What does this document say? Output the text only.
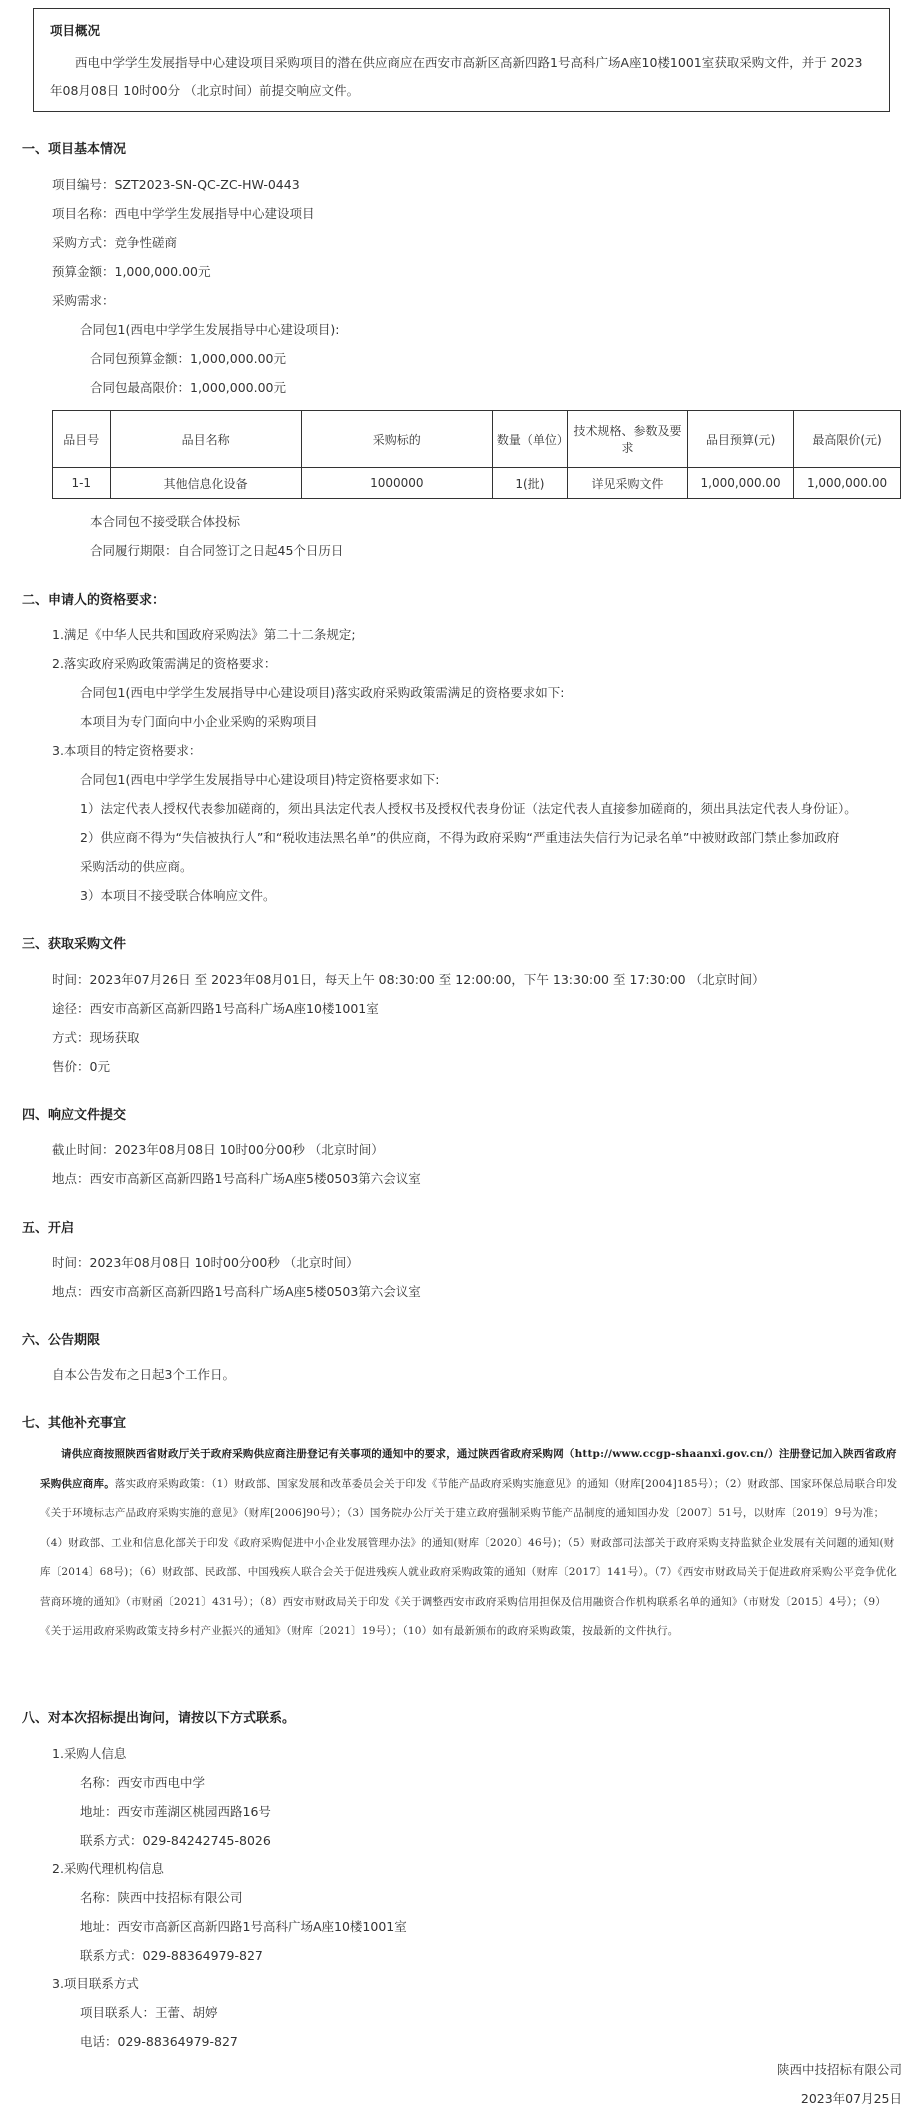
项目概况
西电中学学生发展指导中心建设项目采购项目的潜在供应商应在西安市高新区高新四路1号高科广场A座10楼1001室获取采购文件，并于 2023年08月08日 10时00分 （北京时间）前提交响应文件。
一、项目基本情况
项目编号：SZT2023-SN-QC-ZC-HW-0443
项目名称：西电中学学生发展指导中心建设项目
采购方式：竞争性磋商
预算金额：1,000,000.00元
采购需求：
合同包1(西电中学学生发展指导中心建设项目):
合同包预算金额：1,000,000.00元
合同包最高限价：1,000,000.00元
品目号	品目名称	采购标的	数量（单位）	技术规格、参数及要求	品目预算(元)	最高限价(元)
1-1	其他信息化设备	1000000	1(批)	详见采购文件	1,000,000.00	1,000,000.00
本合同包不接受联合体投标
合同履行期限：自合同签订之日起45个日历日
二、申请人的资格要求：
1.满足《中华人民共和国政府采购法》第二十二条规定;
2.落实政府采购政策需满足的资格要求：
合同包1(西电中学学生发展指导中心建设项目)落实政府采购政策需满足的资格要求如下:
本项目为专门面向中小企业采购的采购项目
3.本项目的特定资格要求：
合同包1(西电中学学生发展指导中心建设项目)特定资格要求如下:
1）法定代表人授权代表参加磋商的，须出具法定代表人授权书及授权代表身份证（法定代表人直接参加磋商的，须出具法定代表人身份证）。
2）供应商不得为“失信被执行人”和“税收违法黑名单”的供应商，不得为政府采购“严重违法失信行为记录名单”中被财政部门禁止参加政府
采购活动的供应商。
3）本项目不接受联合体响应文件。
三、获取采购文件
时间：2023年07月26日 至 2023年08月01日，每天上午 08:30:00 至 12:00:00，下午 13:30:00 至 17:30:00 （北京时间）
途径：西安市高新区高新四路1号高科广场A座10楼1001室
方式：现场获取
售价：0元
四、响应文件提交
截止时间：2023年08月08日 10时00分00秒 （北京时间）
地点：西安市高新区高新四路1号高科广场A座5楼0503第六会议室
五、开启
时间：2023年08月08日 10时00分00秒 （北京时间）
地点：西安市高新区高新四路1号高科广场A座5楼0503第六会议室
六、公告期限
自本公告发布之日起3个工作日。
七、其他补充事宜
请供应商按照陕西省财政厅关于政府采购供应商注册登记有关事项的通知中的要求，通过陕西省政府采购网（http://www.ccgp-shaanxi.gov.cn/）注册登记加入陕西省政府采购供应商库。落实政府采购政策：（1）财政部、国家发展和改革委员会关于印发《节能产品政府采购实施意见》的通知（财库[2004]185号）；（2）财政部、国家环保总局联合印发《关于环境标志产品政府采购实施的意见》（财库[2006]90号）；（3）国务院办公厅关于建立政府强制采购节能产品制度的通知国办发〔2007〕51号，以财库〔2019〕9号为准；（4）财政部、工业和信息化部关于印发《政府采购促进中小企业发展管理办法》的通知(财库〔2020〕46号)；（5）财政部司法部关于政府采购支持监狱企业发展有关问题的通知(财库〔2014〕68号)；（6）财政部、民政部、中国残疾人联合会关于促进残疾人就业政府采购政策的通知（财库〔2017〕141号）。（7）《西安市财政局关于促进政府采购公平竞争优化营商环境的通知》（市财函〔2021〕431号）；（8）西安市财政局关于印发《关于调整西安市政府采购信用担保及信用融资合作机构联系名单的通知》（市财发〔2015〕4号）；（9）《关于运用政府采购政策支持乡村产业振兴的通知》（财库〔2021〕19号）；（10）如有最新颁布的政府采购政策，按最新的文件执行。
八、对本次招标提出询问，请按以下方式联系。
1.采购人信息
名称：西安市西电中学
地址：西安市莲湖区桃园西路16号
联系方式：029-84242745-8026
2.采购代理机构信息
名称：陕西中技招标有限公司
地址：西安市高新区高新四路1号高科广场A座10楼1001室
联系方式：029-88364979-827
3.项目联系方式
项目联系人：王蕾、胡婷
电话：029-88364979-827
陕西中技招标有限公司
2023年07月25日
